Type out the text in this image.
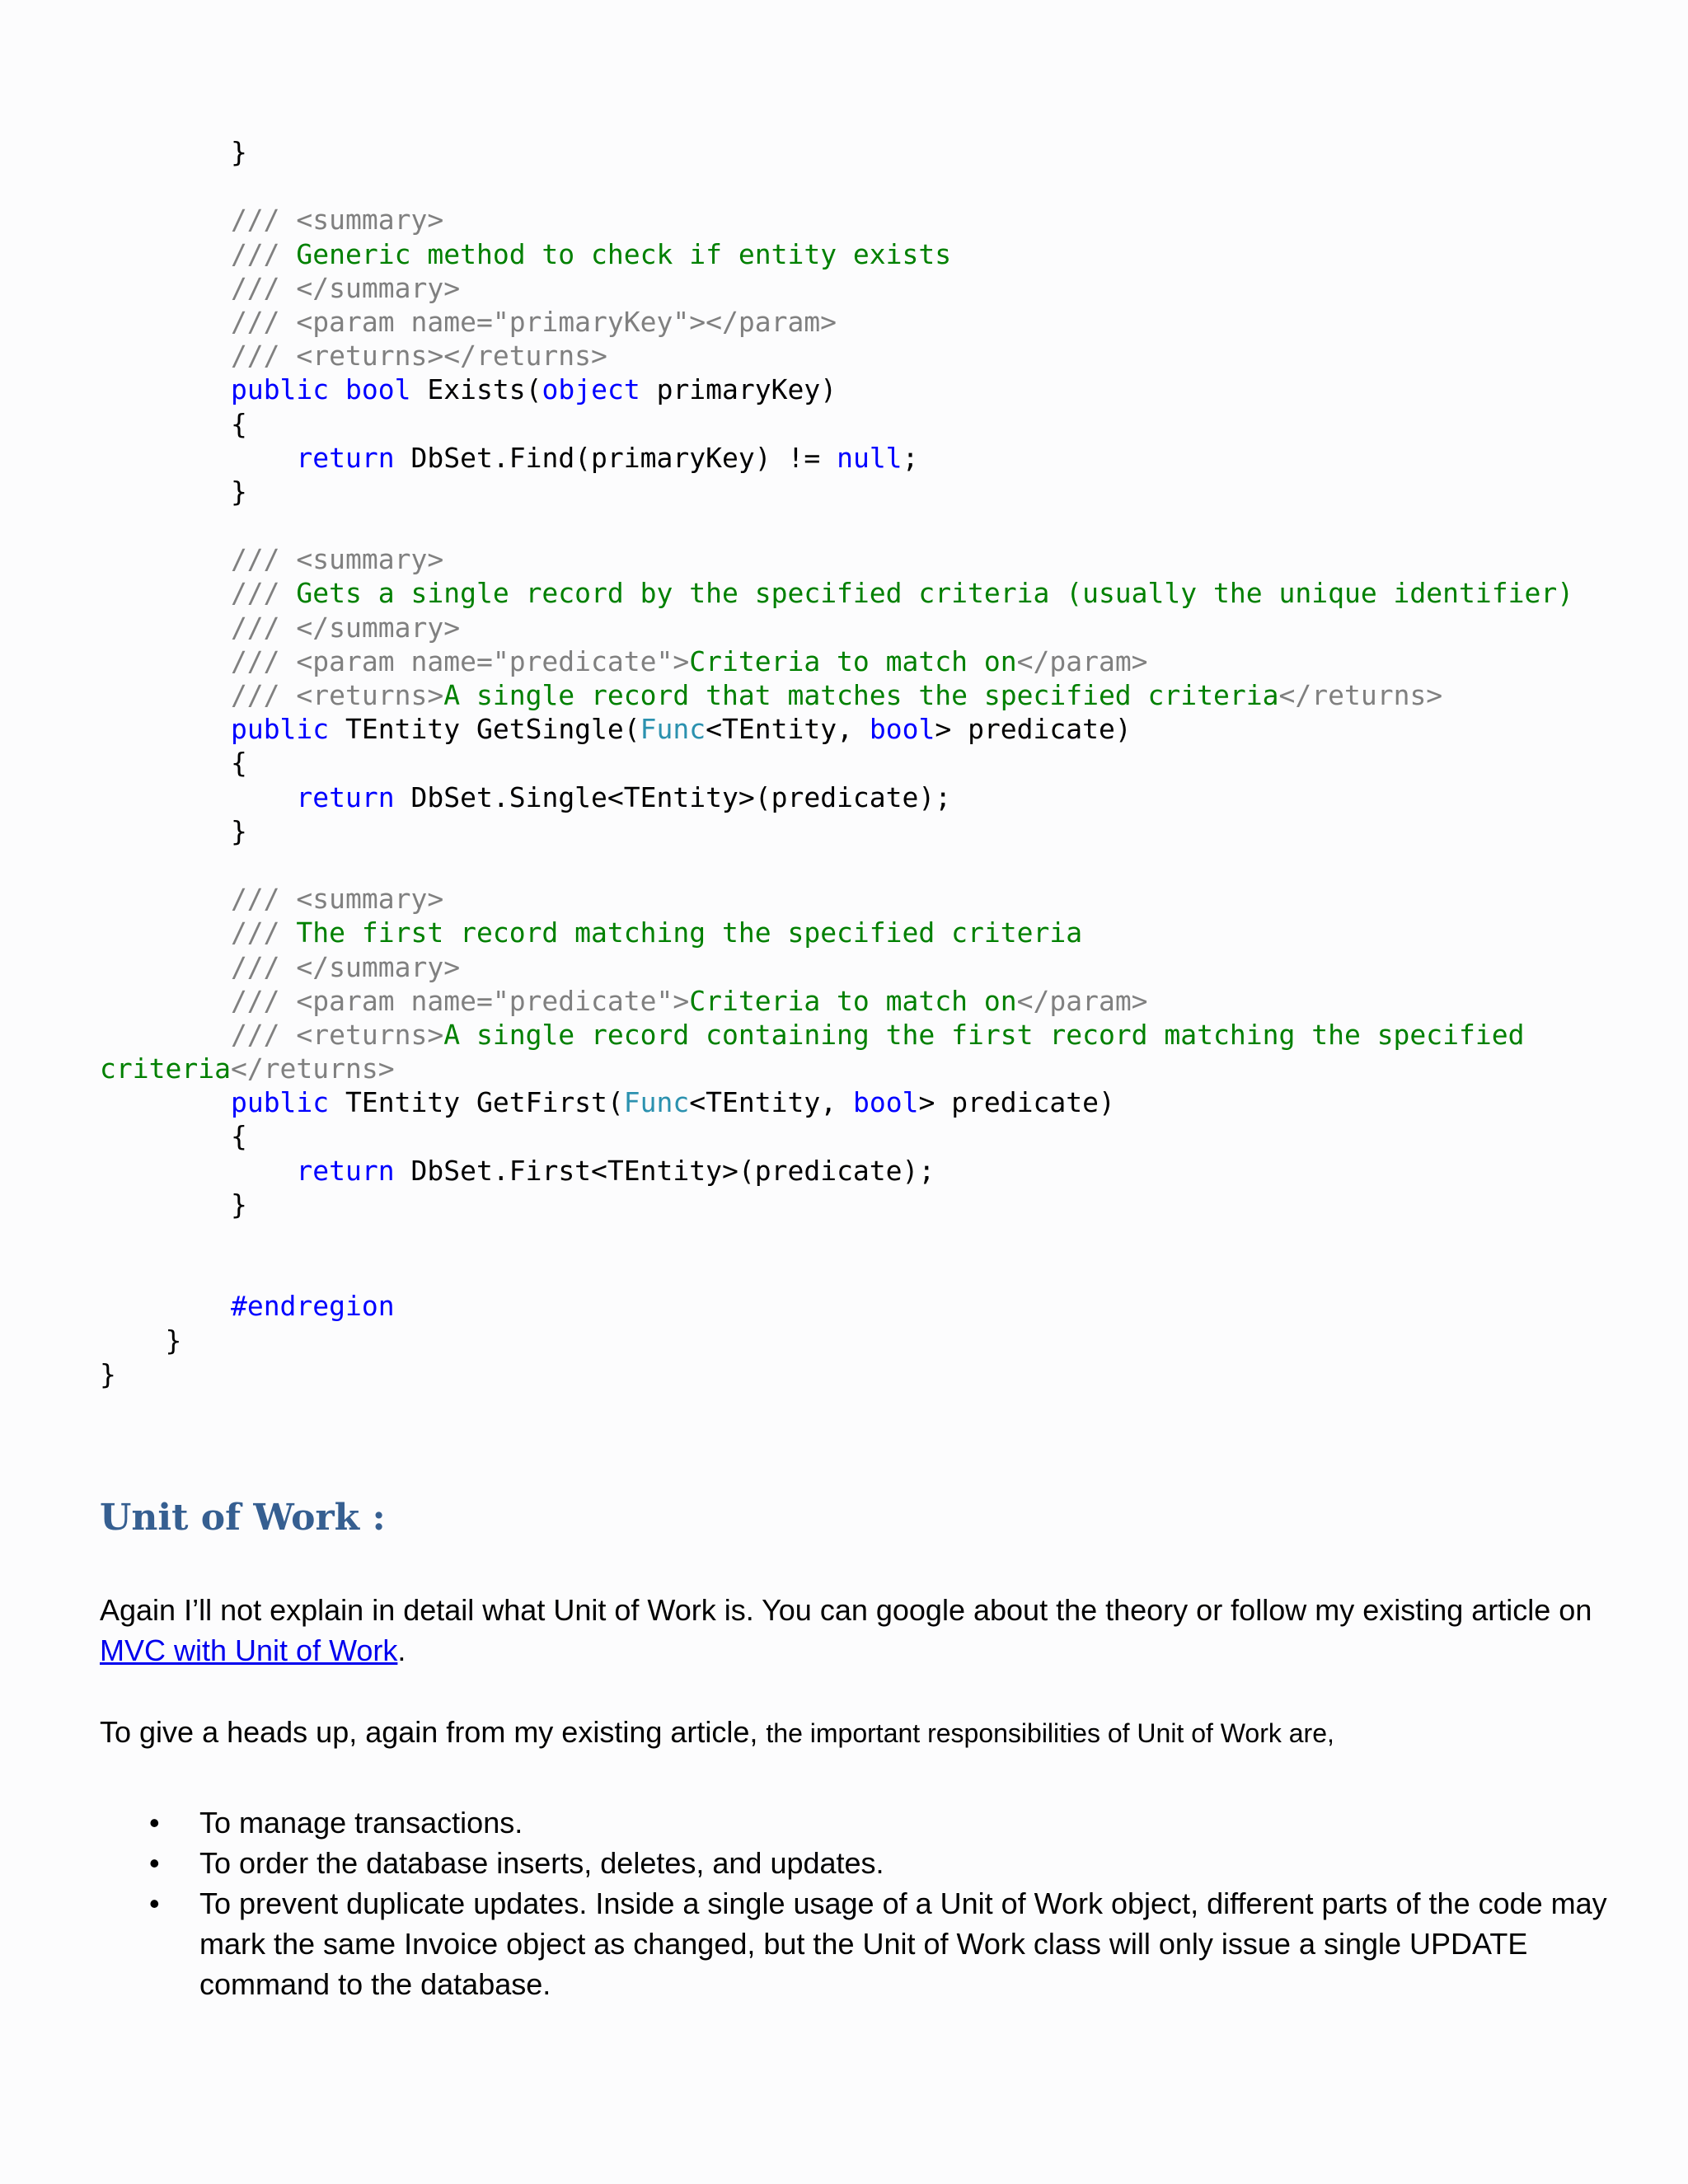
}
/// <summary>
/// Generic method to check if entity exists
/// </summary>
/// <param name="primaryKey"></param>
/// <returns></returns>
public bool Exists(object primaryKey)
{
return DbSet.Find(primaryKey) != null;
}
/// <summary>
/// Gets a single record by the specified criteria (usually the unique identifier)
/// </summary>
/// <param name="predicate">Criteria to match on</param>
/// <returns>A single record that matches the specified criteria</returns>
public TEntity GetSingle(Func<TEntity, bool> predicate)
{
return DbSet.Single<TEntity>(predicate);
}
/// <summary>
/// The first record matching the specified criteria
/// </summary>
/// <param name="predicate">Criteria to match on</param>
/// <returns>A single record containing the first record matching the specified
criteria</returns>
public TEntity GetFirst(Func<TEntity, bool> predicate)
{
return DbSet.First<TEntity>(predicate);
}
#endregion
}
}
Unit of Work :

Again I’ll not explain in detail what Unit of Work is. You can google about the theory or follow my existing article on MVC with Unit of Work.

To give a heads up, again from my existing article, the important responsibilities of Unit of Work are,

• To manage transactions.
• To order the database inserts, deletes, and updates.
• To prevent duplicate updates. Inside a single usage of a Unit of Work object, different parts of the code may mark the same Invoice object as changed, but the Unit of Work class will only issue a single UPDATE command to the database.
